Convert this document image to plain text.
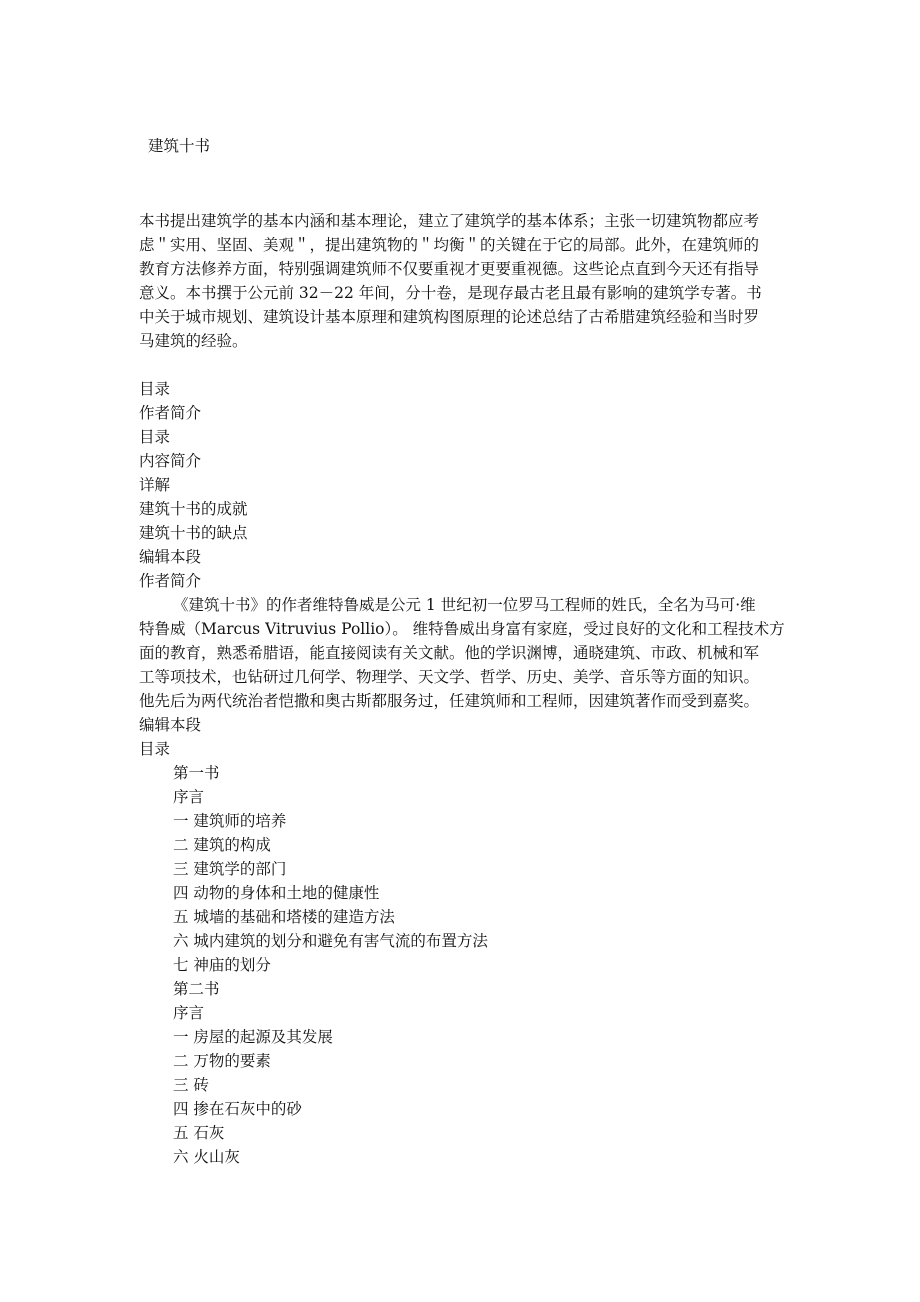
建筑十书
本书提出建筑学的基本内涵和基本理论，建立了建筑学的基本体系；主张一切建筑物都应考
虑＂实用、坚固、美观＂，提出建筑物的＂均衡＂的关键在于它的局部。此外，在建筑师的
教育方法修养方面，特别强调建筑师不仅要重视才更要重视德。这些论点直到今天还有指导
意义。本书撰于公元前 32－22 年间，分十卷，是现存最古老且最有影响的建筑学专著。书
中关于城市规划、建筑设计基本原理和建筑构图原理的论述总结了古希腊建筑经验和当时罗
马建筑的经验。
目录
作者简介
目录
内容简介
详解
建筑十书的成就
建筑十书的缺点
编辑本段
作者简介
《建筑十书》的作者维特鲁威是公元 1 世纪初一位罗马工程师的姓氏，全名为马可·维
特鲁威（Marcus Vitruvius Pollio）。 维特鲁威出身富有家庭，受过良好的文化和工程技术方
面的教育，熟悉希腊语，能直接阅读有关文献。他的学识渊博，通晓建筑、市政、机械和军
工等项技术，也钻研过几何学、物理学、天文学、哲学、历史、美学、音乐等方面的知识。
他先后为两代统治者恺撒和奥古斯都服务过，任建筑师和工程师，因建筑著作而受到嘉奖。
编辑本段
目录
第一书
序言
一 建筑师的培养
二 建筑的构成
三 建筑学的部门
四 动物的身体和土地的健康性
五 城墙的基础和塔楼的建造方法
六 城内建筑的划分和避免有害气流的布置方法
七 神庙的划分
第二书
序言
一 房屋的起源及其发展
二 万物的要素
三 砖
四 掺在石灰中的砂
五 石灰
六 火山灰
